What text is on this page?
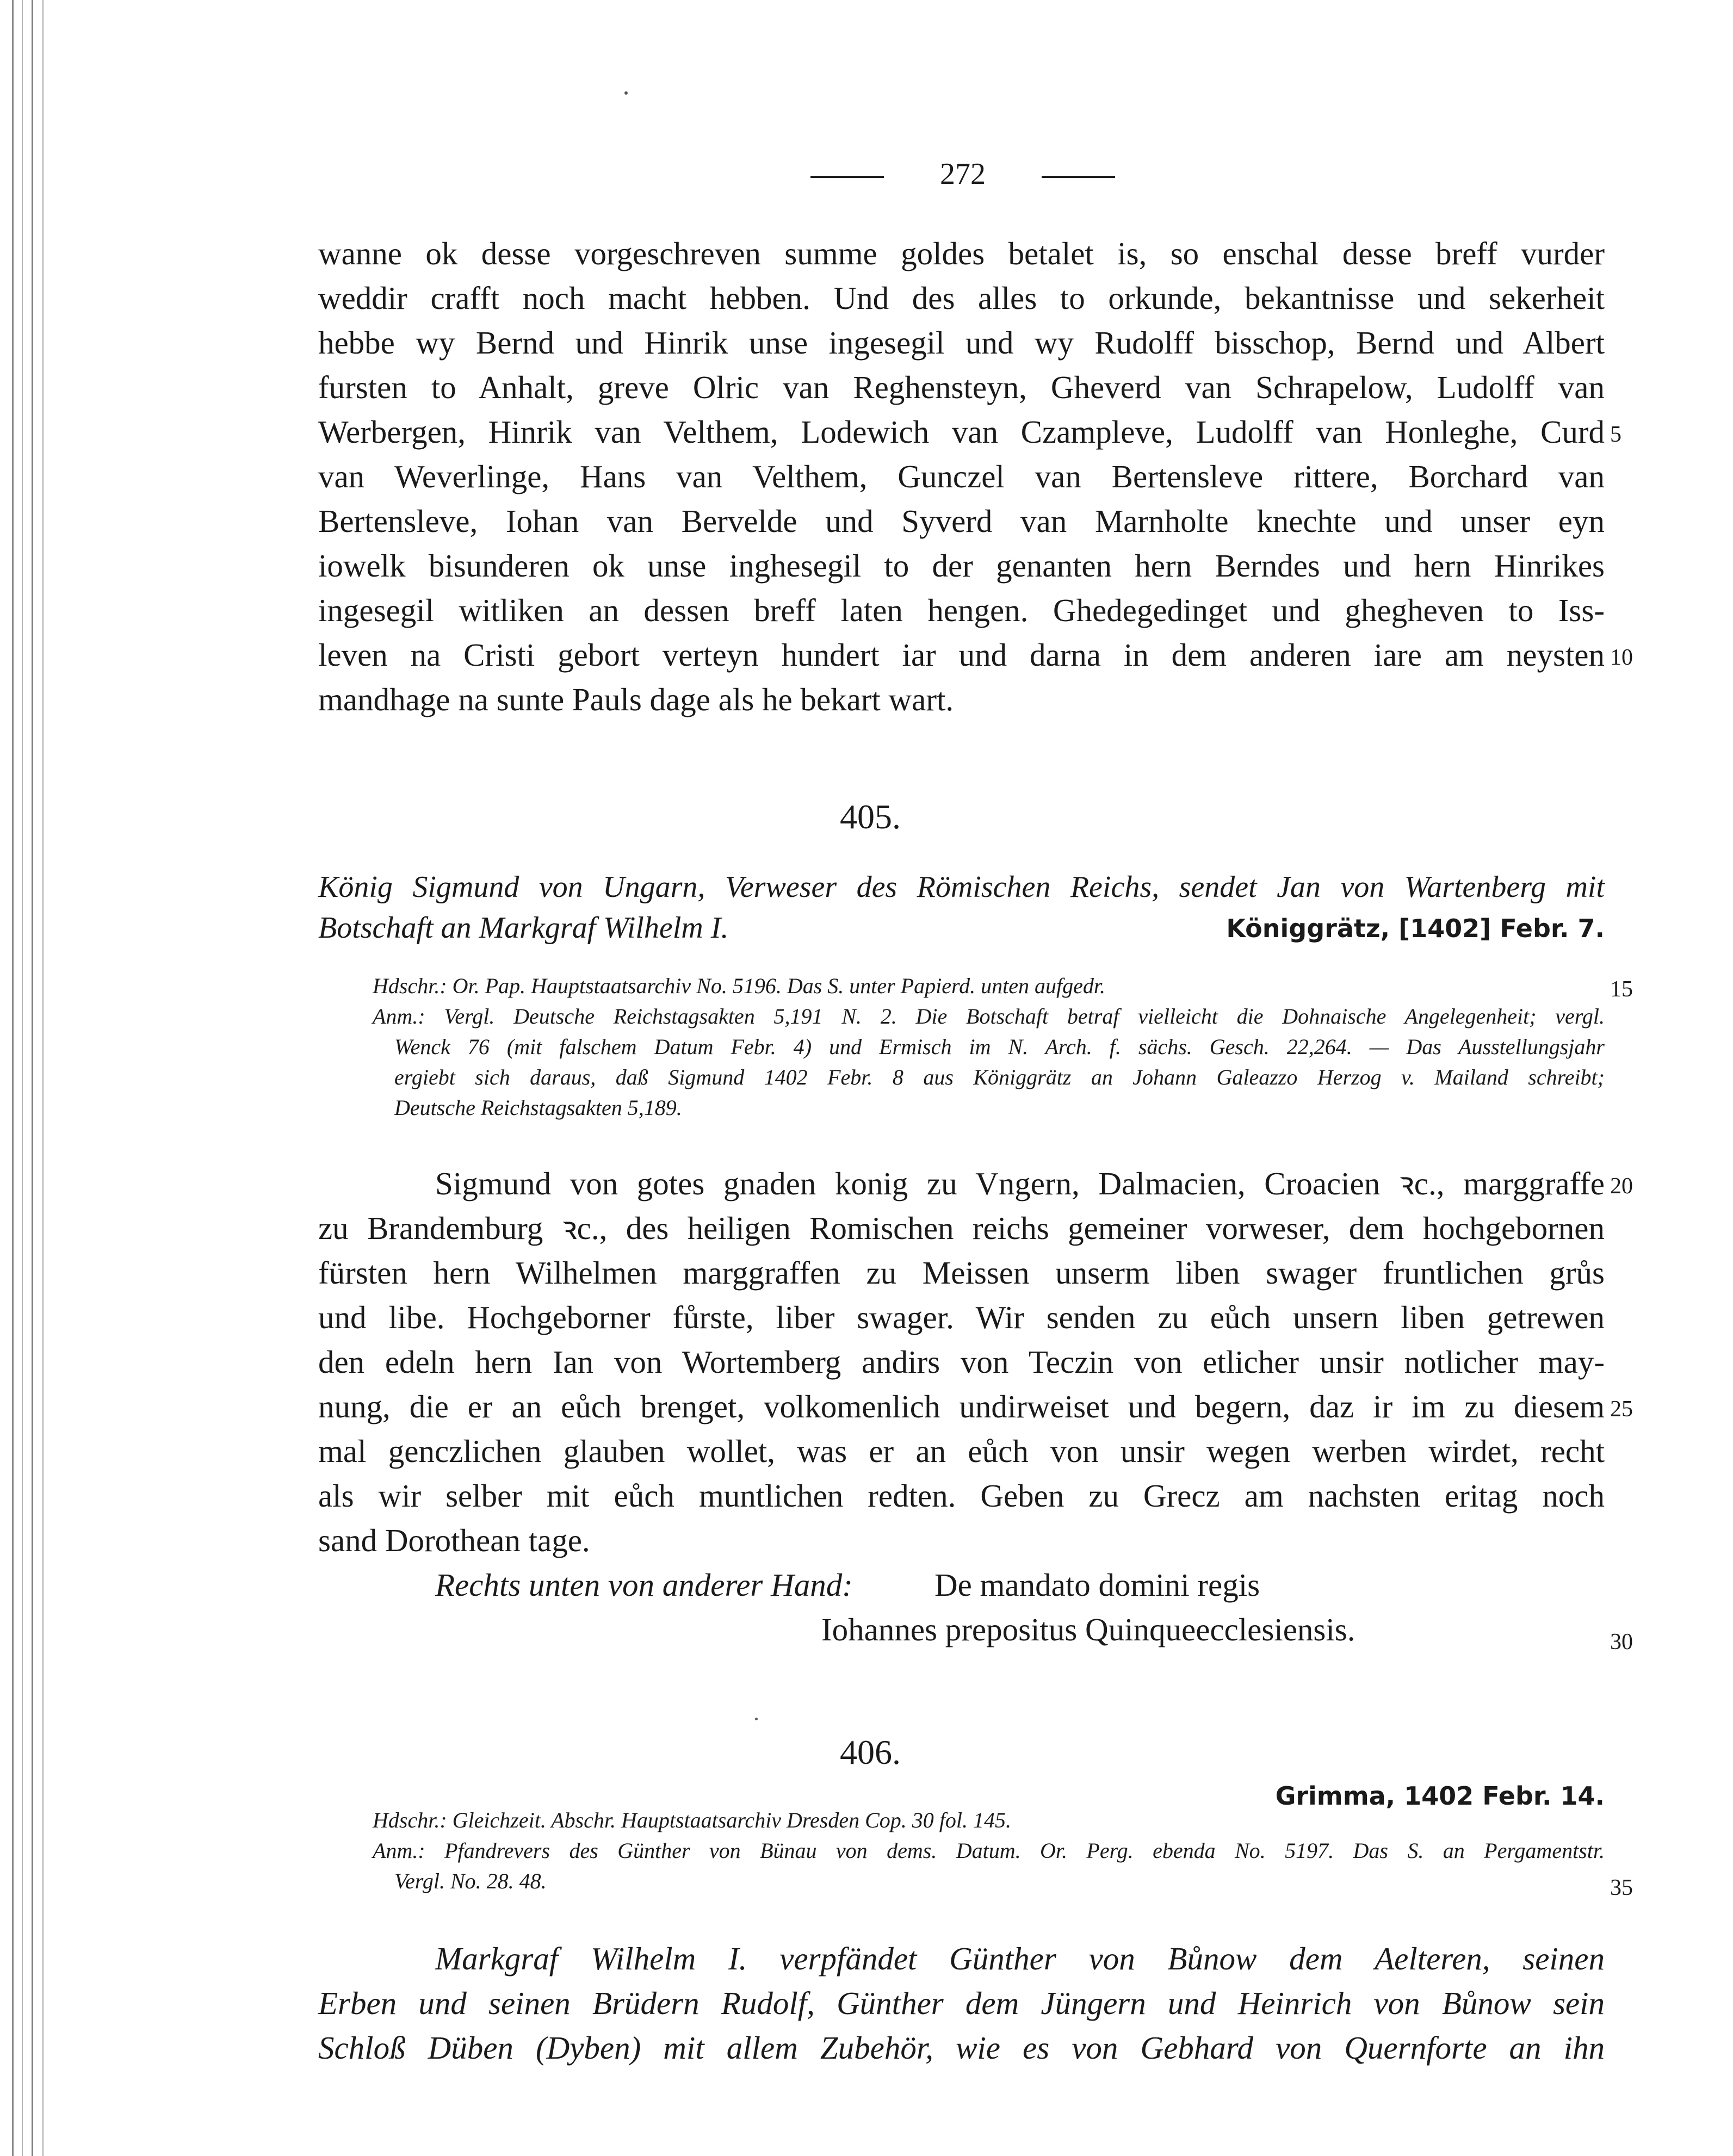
272
wanne ok desse vorgeschreven summe goldes betalet is, so enschal desse breff vurder
weddir crafft noch macht hebben. Und des alles to orkunde, bekantnisse und sekerheit
hebbe wy Bernd und Hinrik unse ingesegil und wy Rudolff bisschop, Bernd und Albert
fursten to Anhalt, greve Olric van Reghensteyn, Gheverd van Schrapelow, Ludolff van
Werbergen, Hinrik van Velthem, Lodewich van Czampleve, Ludolff van Honleghe, Curd
van Weverlinge, Hans van Velthem, Gunczel van Bertensleve rittere, Borchard van
Bertensleve, Iohan van Bervelde und Syverd van Marnholte knechte und unser eyn
iowelk bisunderen ok unse inghesegil to der genanten hern Berndes und hern Hinrikes
ingesegil witliken an dessen breff laten hengen. Ghedegedinget und ghegheven to Iss-
leven na Cristi gebort verteyn hundert iar und darna in dem anderen iare am neysten
mandhage na sunte Pauls dage als he bekart wart.
5
10
15
20
25
30
35
405.
König Sigmund von Ungarn, Verweser des Römischen Reichs, sendet Jan von Wartenberg mit
Botschaft an Markgraf Wilhelm I.	Königgrätz, [1402] Febr. 7.
Hdschr.: Or. Pap. Hauptstaatsarchiv No. 5196. Das S. unter Papierd. unten aufgedr.
Anm.: Vergl. Deutsche Reichstagsakten 5,191 N. 2. Die Botschaft betraf vielleicht die Dohnaische Angelegenheit; vergl.
Wenck 76 (mit falschem Datum Febr. 4) und Ermisch im N. Arch. f. sächs. Gesch. 22,264. — Das Ausstellungsjahr
ergiebt sich daraus, daß Sigmund 1402 Febr. 8 aus Königgrätz an Johann Galeazzo Herzog v. Mailand schreibt;
Deutsche Reichstagsakten 5,189.
Sigmund von gotes gnaden konig zu Vngern, Dalmacien, Croacien ꝛc., marggraffe
zu Brandemburg ꝛc., des heiligen Romischen reichs gemeiner vorweser, dem hochgebornen
fürsten hern Wilhelmen marggraffen zu Meissen unserm liben swager fruntlichen grůs
und libe. Hochgeborner fůrste, liber swager. Wir senden zu eůch unsern liben getrewen
den edeln hern Ian von Wortemberg andirs von Teczin von etlicher unsir notlicher may-
nung, die er an eůch brenget, volkomenlich undirweiset und begern, daz ir im zu diesem
mal genczlichen glauben wollet, was er an eůch von unsir wegen werben wirdet, recht
als wir selber mit eůch muntlichen redten. Geben zu Grecz am nachsten eritag noch
sand Dorothean tage.
Rechts unten von anderer Hand:	De mandato domini regis
Iohannes prepositus Quinqueecclesiensis.
406.
Grimma, 1402 Febr. 14.
Hdschr.: Gleichzeit. Abschr. Hauptstaatsarchiv Dresden Cop. 30 fol. 145.
Anm.: Pfandrevers des Günther von Bünau von dems. Datum. Or. Perg. ebenda No. 5197. Das S. an Pergamentstr.
Vergl. No. 28. 48.
Markgraf Wilhelm I. verpfändet Günther von Bůnow dem Aelteren, seinen
Erben und seinen Brüdern Rudolf, Günther dem Jüngern und Heinrich von Bůnow sein
Schloß Düben (Dyben) mit allem Zubehör, wie es von Gebhard von Quernforte an ihn
